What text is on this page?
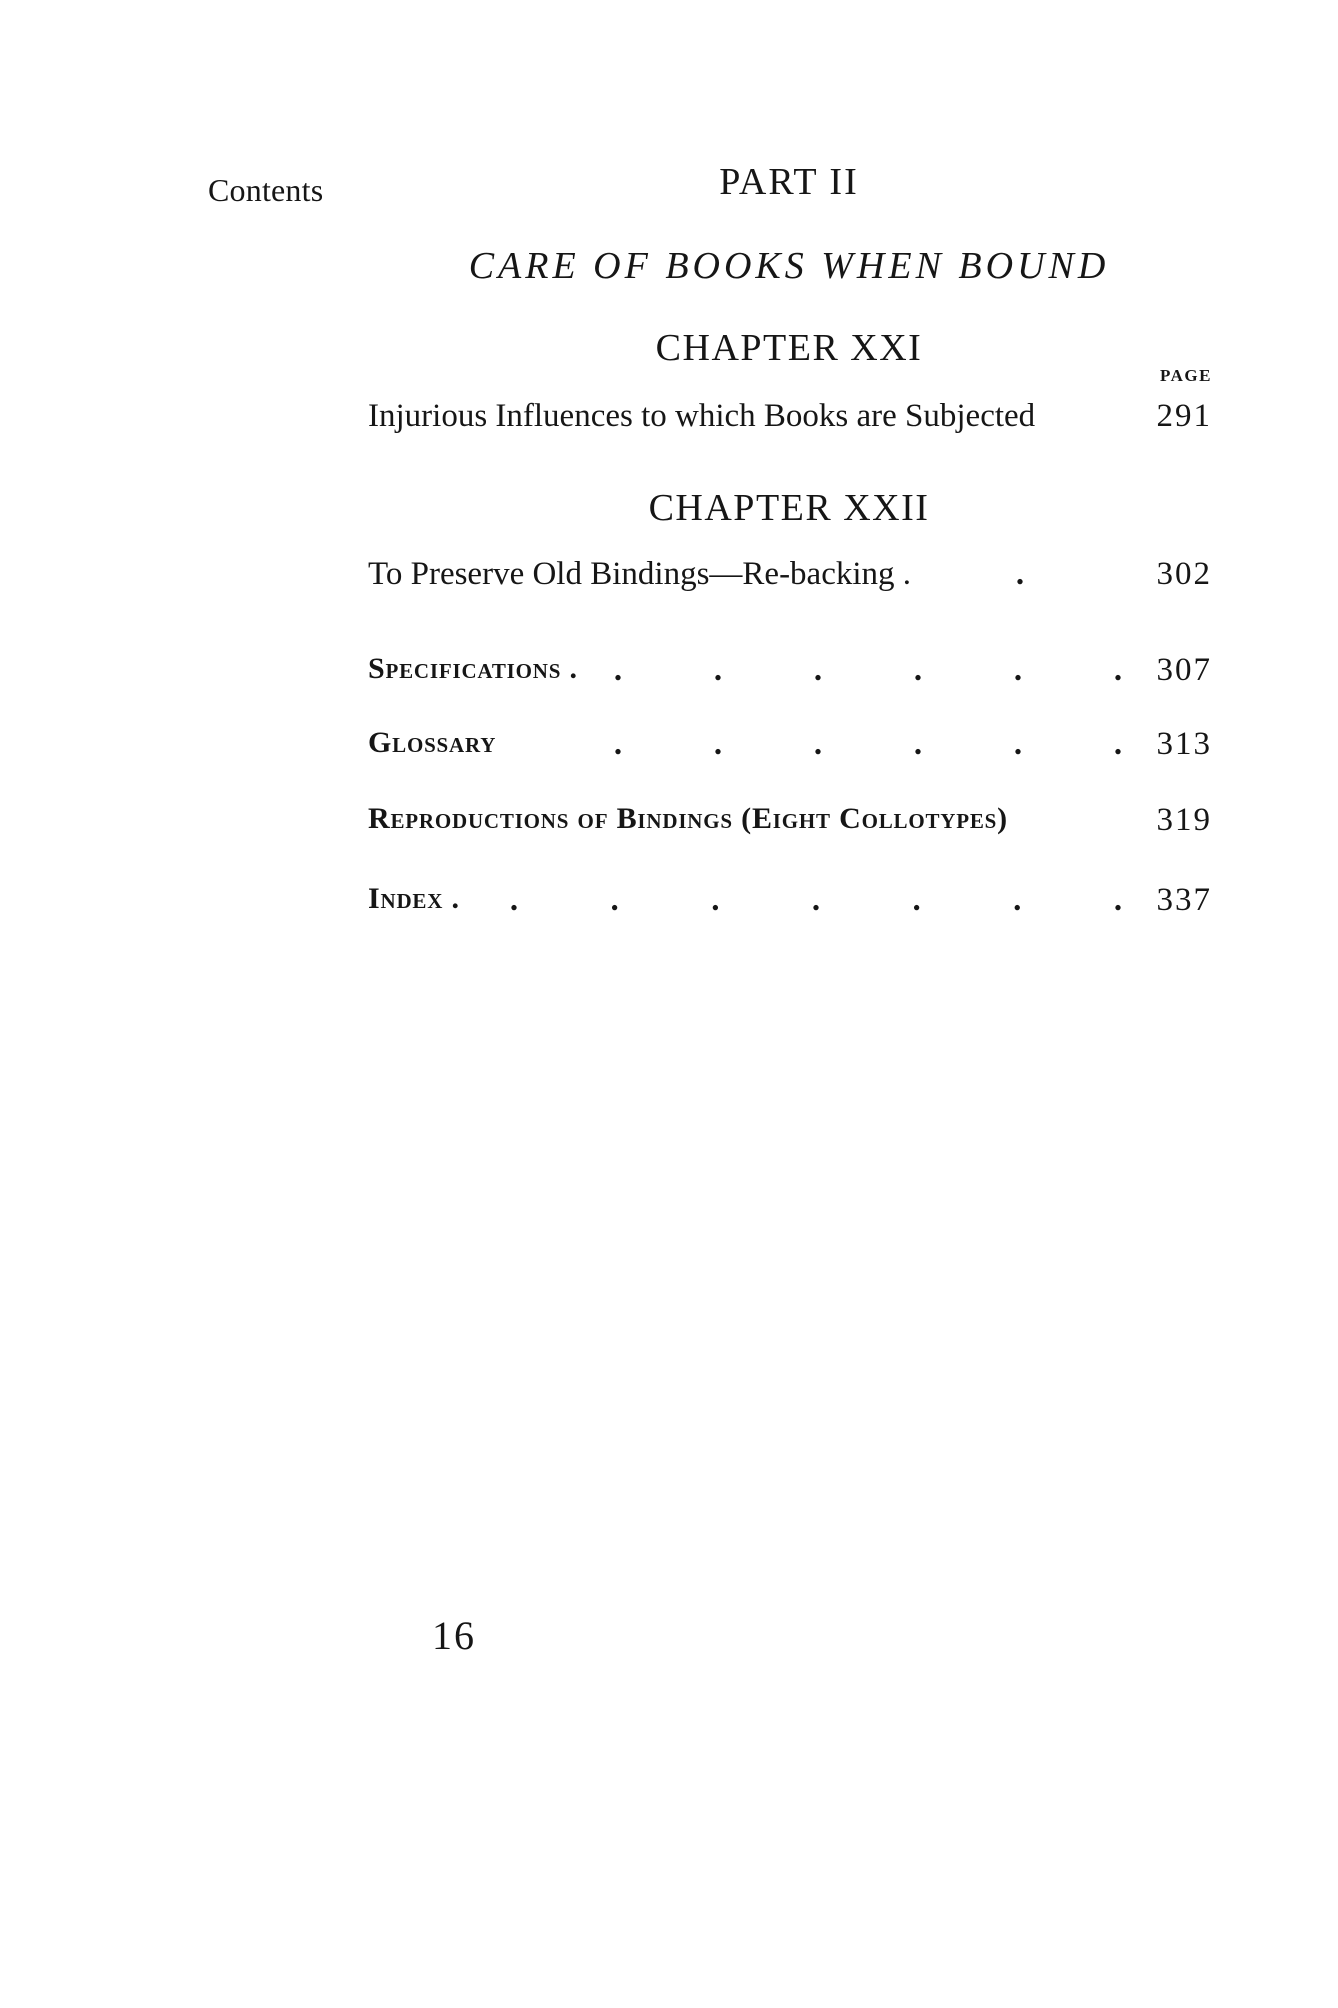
Contents	PART II
CARE OF BOOKS WHEN BOUND
CHAPTER XXI
PAGE
Injurious Influences to which Books are Subjected	291
CHAPTER XXII
To Preserve Old Bindings—Re-backing .	.	302
Specifications . .	.	.	.	.	.	307
Glossary	.	.	.	.	.	.	313
Reproductions of Bindings (Eight Collotypes)	319
Index . .	.	.	.	.	.	.	337
16
